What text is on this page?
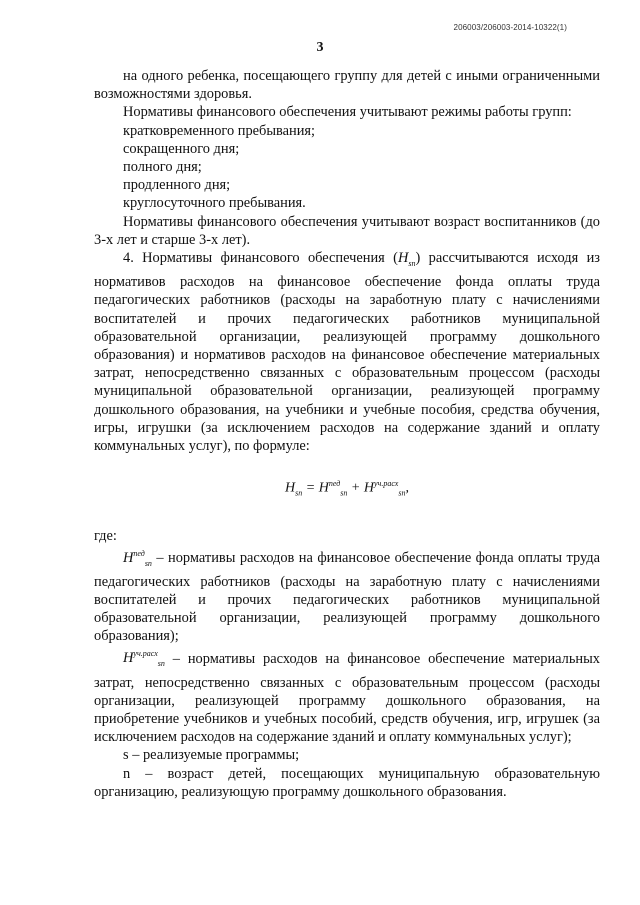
206003/206003-2014-10322(1)
3

на одного ребенка, посещающего группу для детей с иными ограниченными возможностями здоровья.

Нормативы финансового обеспечения учитывают режимы работы групп:

кратковременного пребывания;

сокращенного дня;

полного дня;

продленного дня;

круглосуточного пребывания.

Нормативы финансового обеспечения учитывают возраст воспитанников (до 3-х лет и старше 3-х лет).

4. Нормативы финансового обеспечения $(H_{sn})$ рассчитываются исходя из нормативов расходов на финансовое обеспечение фонда оплаты труда педагогических работников (расходы на заработную плату с начислениями воспитателей и прочих педагогических работников муниципальной образовательной организации, реализующей программу дошкольного образования) и нормативов расходов на финансовое обеспечение материальных затрат, непосредственно связанных с образовательным процессом (расходы муниципальной образовательной организации, реализующей программу дошкольного образования, на учебники и учебные пособия, средства обучения, игры, игрушки (за исключением расходов на содержание зданий и оплату коммунальных услуг), по формуле:

$H_{sn} = H^{пед}_{sn} + H^{уч.расх}_{sn}$,

где:

$H^{пед}_{sn}$ – нормативы расходов на финансовое обеспечение фонда оплаты труда педагогических работников (расходы на заработную плату с начислениями воспитателей и прочих педагогических работников муниципальной образовательной организации, реализующей программу дошкольного образования);

$H^{уч.расх}_{sn}$ – нормативы расходов на финансовое обеспечение материальных затрат, непосредственно связанных с образовательным процессом (расходы организации, реализующей программу дошкольного образования, на приобретение учебников и учебных пособий, средств обучения, игр, игрушек (за исключением расходов на содержание зданий и оплату коммунальных услуг);

s – реализуемые программы;

n – возраст детей, посещающих муниципальную образовательную организацию, реализующую программу дошкольного образования.
